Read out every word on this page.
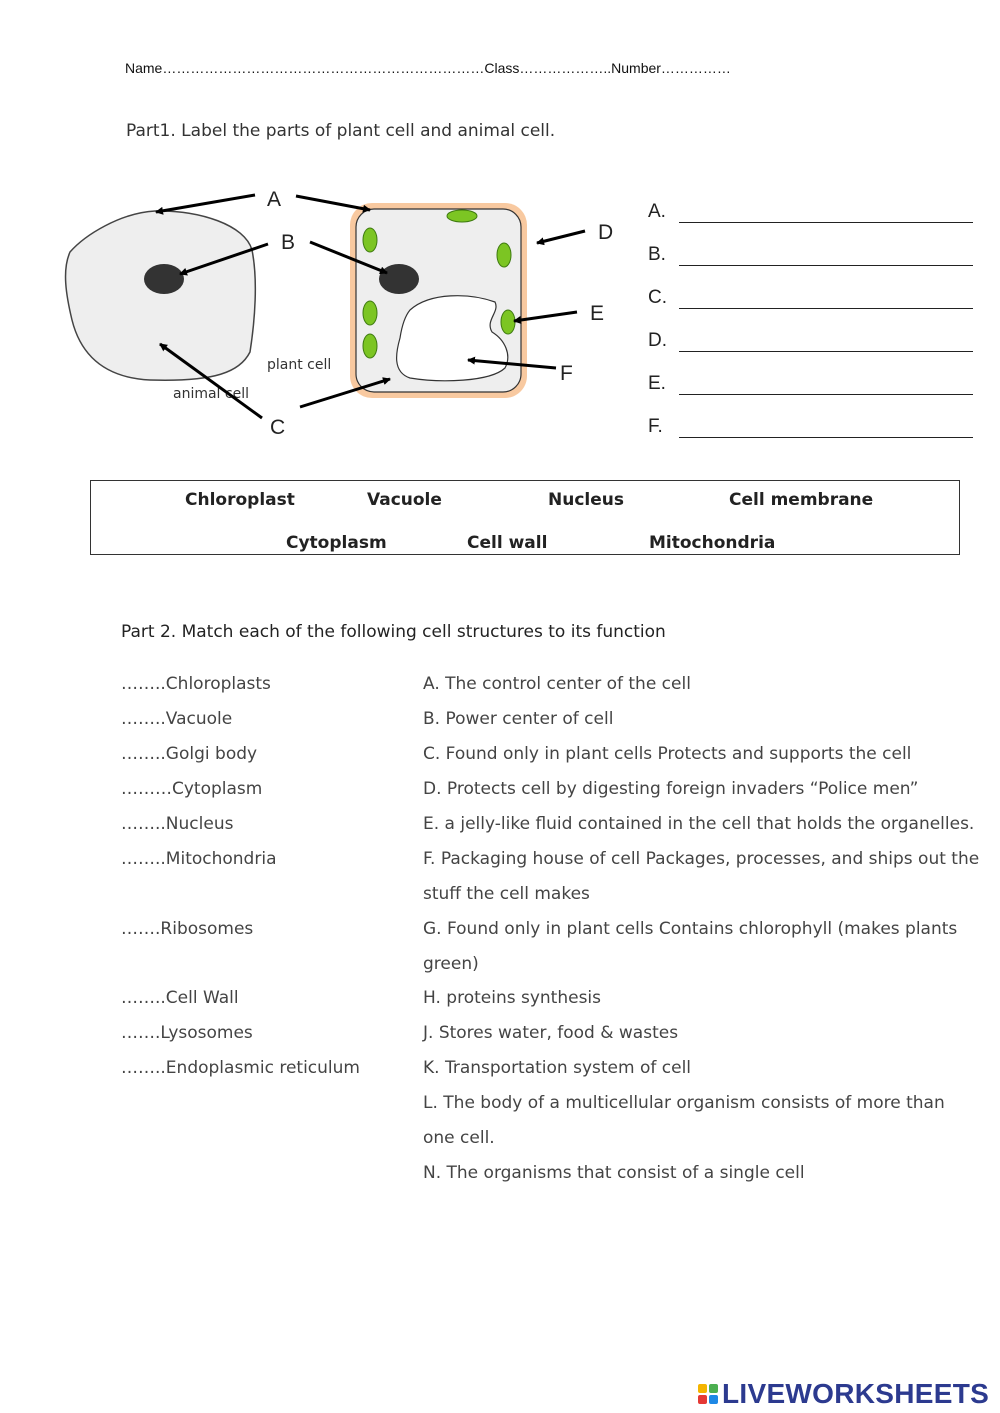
Name……………………………………………………………Class………………..Number……………
Part1. Label the parts of plant cell and animal cell.
plant cell
animal cell
A
B
C
D
E
F
A.
B.
C.
D.
E.
F.
Chloroplast	Vacuole	Nucleus	Cell membrane
Cytoplasm	Cell wall	Mitochondria
Part 2. Match each of the following cell structures to its function
……..Chloroplasts
……..Vacuole
……..Golgi body
………Cytoplasm
……..Nucleus
……..Mitochondria
…….Ribosomes
……..Cell Wall
…….Lysosomes
……..Endoplasmic reticulum
A. The control center of the cell
B. Power center of cell
C. Found only in plant cells Protects and supports the cell
D. Protects cell by digesting foreign invaders “Police men”
E. a jelly-like fluid contained in the cell that holds the organelles.
F. Packaging house of cell Packages, processes, and ships out the
stuff the cell makes
G. Found only in plant cells Contains chlorophyll (makes plants
green)
H. proteins synthesis
J. Stores water, food & wastes
K. Transportation system of cell
L. The body of a multicellular organism consists of more than
one cell.
N. The organisms that consist of a single cell
LIVEWORKSHEETS
